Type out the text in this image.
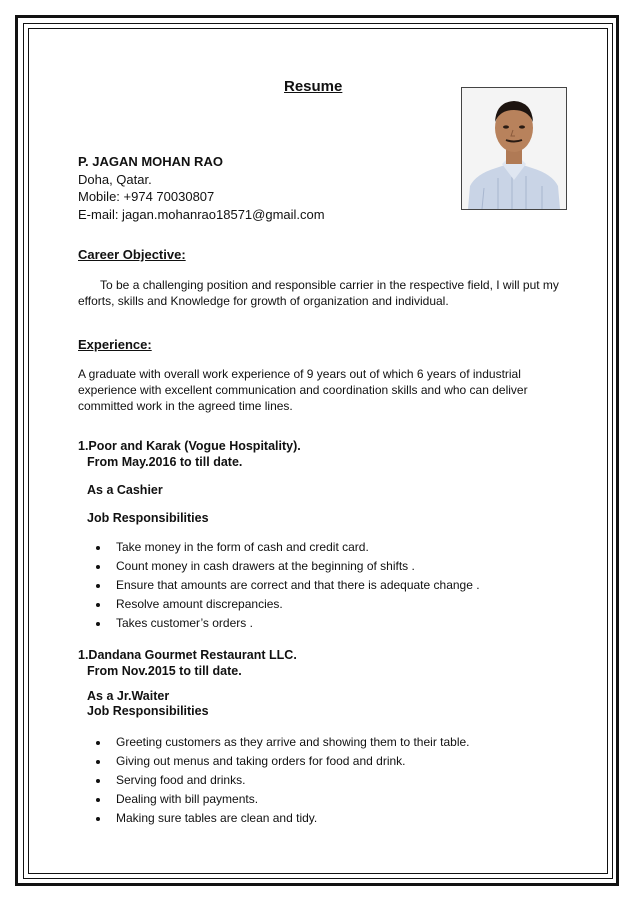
Resume
P. JAGAN MOHAN RAO
Doha, Qatar.
Mobile: +974 70030807
E-mail: jagan.mohanrao18571@gmail.com
Career Objective:
To be a challenging position and responsible carrier in the respective field, I will put my efforts, skills and Knowledge for growth of organization and individual.
Experience:
A graduate with overall work experience of 9 years out of which 6 years of industrial experience with excellent communication and coordination skills and who can deliver committed work in the agreed time lines.
1.Poor and Karak (Vogue Hospitality).
From May.2016 to till date.
As a Cashier
Job Responsibilities
Take money in the form of cash and credit card.
Count money in cash drawers at the beginning of shifts .
Ensure that amounts are correct and that there is adequate change .
Resolve amount discrepancies.
Takes customer’s orders .
1.Dandana Gourmet Restaurant LLC.
From Nov.2015 to till date.
As a Jr.Waiter
Job Responsibilities
Greeting customers as they arrive and showing them to their table.
Giving out menus and taking orders for food and drink.
Serving food and drinks.
Dealing with bill payments.
Making sure tables are clean and tidy.
